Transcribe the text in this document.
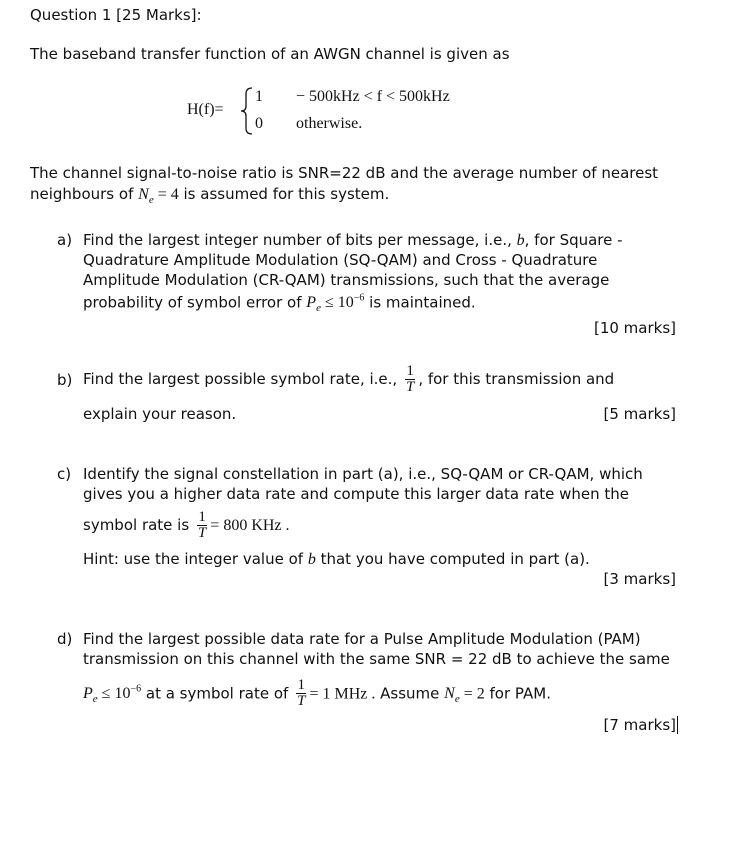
Question 1 [25 Marks]:
The baseband transfer function of an AWGN channel is given as
H(f)=
1 − 500kHz < f < 500kHz
0 otherwise.
The channel signal-to-noise ratio is SNR=22 dB and the average number of nearest
neighbours of $N_e = 4$ is assumed for this system.
a) Find the largest integer number of bits per message, i.e., b, for Square -
Quadrature Amplitude Modulation (SQ-QAM) and Cross - Quadrature
Amplitude Modulation (CR-QAM) transmissions, such that the average
probability of symbol error of $P_e \le 10^{-6}$ is maintained.
[10 marks]
b) Find the largest possible symbol rate, i.e., $\frac{1}{T}$ , for this transmission and
explain your reason.	[5 marks]
c) Identify the signal constellation in part (a), i.e., SQ-QAM or CR-QAM, which
gives you a higher data rate and compute this larger data rate when the
symbol rate is $\frac{1}{T} = 800$ KHz .
Hint: use the integer value of b that you have computed in part (a).
[3 marks]
d) Find the largest possible data rate for a Pulse Amplitude Modulation (PAM)
transmission on this channel with the same SNR = 22 dB to achieve the same
$P_e \le 10^{-6}$ at a symbol rate of $\frac{1}{T} = 1$ MHz . Assume $N_e = 2$ for PAM.
[7 marks]
